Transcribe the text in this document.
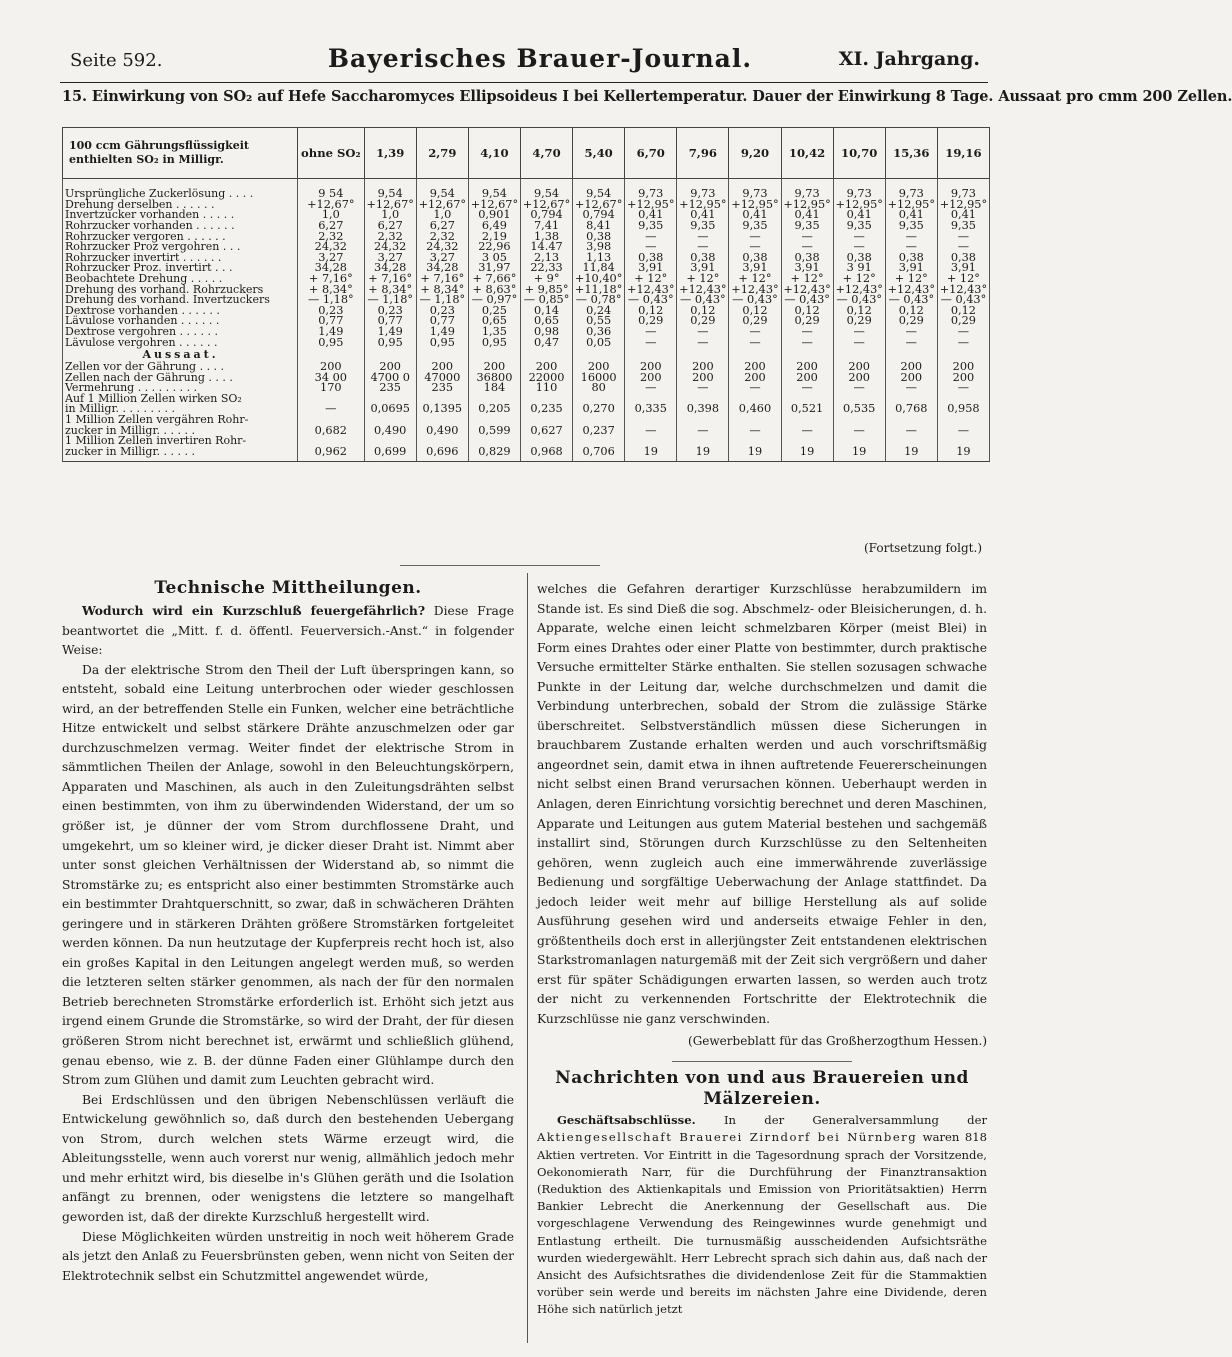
Seite 592.	Bayerisches Brauer-Journal.	XI. Jahrgang.
15. Einwirkung von SO₂ auf Hefe Saccharomyces Ellipsoideus I bei Kellertemperatur. Dauer der Einwirkung 8 Tage. Aussaat pro cmm 200 Zellen.
100 ccm Gährungsflüssigkeit enthielten SO₂ in Milligr.	ohne SO₂	1,39	2,79	4,10	4,70	5,40	6,70	7,96	9,20	10,42	10,70	15,36	19,16
Ursprüngliche Zuckerlösung . . . .	9 54	9,54	9,54	9,54	9,54	9,54	9,73	9,73	9,73	9,73	9,73	9,73	9,73
Drehung derselben . . . . . .	+12,67°	+12,67°	+12,67°	+12,67°	+12,67°	+12,67°	+12,95°	+12,95°	+12,95°	+12,95°	+12,95°	+12,95°	+12,95°
Invertzucker vorhanden . . . . .	1,0	1,0	1,0	0,901	0,794	0,794	0,41	0,41	0,41	0,41	0,41	0,41	0,41
Rohrzucker vorhanden . . . . . .	6,27	6,27	6,27	6,49	7,41	8,41	9,35	9,35	9,35	9,35	9,35	9,35	9,35
Rohrzucker vergoren . . . . . .	2,32	2,32	2,32	2,19	1,38	0,38	—	—	—	—	—	—	—
Rohrzucker Proz vergohren . . .	24,32	24,32	24,32	22,96	14.47	3,98	—	—	—	—	—	—	—
Rohrzucker invertirt . . . . . .	3,27	3,27	3,27	3 05	2,13	1,13	0,38	0,38	0,38	0,38	0,38	0,38	0,38
Rohrzucker Proz. invertirt . . .	34,28	34,28	34,28	31,97	22,33	11,84	3,91	3,91	3,91	3,91	3 91	3,91	3,91
Beobachtete Drehung . . . . .	+ 7,16°	+ 7,16°	+ 7,16°	+ 7,66°	+ 9°	+10,40°	+ 12°	+ 12°	+ 12°	+ 12°	+ 12°	+ 12°	+ 12°
Drehung des vorhand. Rohrzuckers	+ 8,34°	+ 8,34°	+ 8,34°	+ 8,63°	+ 9,85°	+11,18°	+12,43°	+12,43°	+12,43°	+12,43°	+12,43°	+12,43°	+12,43°
Drehung des vorhand. Invertzuckers	— 1,18°	— 1,18°	— 1,18°	— 0,97°	— 0,85°	— 0,78°	— 0,43°	— 0,43°	— 0,43°	— 0,43°	— 0,43°	— 0,43°	— 0,43°
Dextrose vorhanden . . . . . .	0,23	0,23	0,23	0,25	0,14	0,24	0,12	0,12	0,12	0,12	0,12	0,12	0,12
Lävulose vorhanden . . . . . .	0,77	0,77	0,77	0,65	0,65	0,55	0,29	0,29	0,29	0,29	0,29	0,29	0,29
Dextrose vergohren . . . . . .	1,49	1,49	1,49	1,35	0,98	0,36	—	—	—	—	—	—	—
Lävulose vergohren . . . . . .	0,95	0,95	0,95	0,95	0,47	0,05	—	—	—	—	—	—	—
Aussaat.													
Zellen vor der Gährung . . . .	200	200	200	200	200	200	200	200	200	200	200	200	200
Zellen nach der Gährung . . . .	34 00	4700 0	47000	36800	22000	16000	200	200	200	200	200	200	200
Vermehrung . . . . . . . . .	170	235	235	184	110	80	—	—	—	—	—	—	—
Auf 1 Million Zellen wirken SO₂													
in Milligr. . . . . . . . .	—	0,0695	0,1395	0,205	0,235	0,270	0,335	0,398	0,460	0,521	0,535	0,768	0,958
1 Million Zellen vergähren Rohr-													
zucker in Milligr. . . . . .	0,682	0,490	0,490	0,599	0,627	0,237	—	—	—	—	—	—	—
1 Million Zellen invertiren Rohr-													
zucker in Milligr. . . . . .	0,962	0,699	0,696	0,829	0,968	0,706	19	19	19	19	19	19	19
(Fortsetzung folgt.)
Technische Mittheilungen.

Wodurch wird ein Kurzschluß feuergefährlich? Diese Frage beantwortet die „Mitt. f. d. öffentl. Feuerversich.-Anst.“ in folgender Weise:

Da der elektrische Strom den Theil der Luft überspringen kann, so entsteht, sobald eine Leitung unterbrochen oder wieder geschlossen wird, an der betreffenden Stelle ein Funken, welcher eine beträchtliche Hitze entwickelt und selbst stärkere Drähte anzuschmelzen oder gar durchzuschmelzen vermag. Weiter findet der elektrische Strom in sämmtlichen Theilen der Anlage, sowohl in den Beleuchtungskörpern, Apparaten und Maschinen, als auch in den Zuleitungsdrähten selbst einen bestimmten, von ihm zu überwindenden Widerstand, der um so größer ist, je dünner der vom Strom durchflossene Draht, und umgekehrt, um so kleiner wird, je dicker dieser Draht ist. Nimmt aber unter sonst gleichen Verhältnissen der Widerstand ab, so nimmt die Stromstärke zu; es entspricht also einer bestimmten Stromstärke auch ein bestimmter Drahtquerschnitt, so zwar, daß in schwächeren Drähten geringere und in stärkeren Drähten größere Stromstärken fortgeleitet werden können. Da nun heutzutage der Kupferpreis recht hoch ist, also ein großes Kapital in den Leitungen angelegt werden muß, so werden die letzteren selten stärker genommen, als nach der für den normalen Betrieb berechneten Stromstärke erforderlich ist. Erhöht sich jetzt aus irgend einem Grunde die Stromstärke, so wird der Draht, der für diesen größeren Strom nicht berechnet ist, erwärmt und schließlich glühend, genau ebenso, wie z. B. der dünne Faden einer Glühlampe durch den Strom zum Glühen und damit zum Leuchten gebracht wird.

Bei Erdschlüssen und den übrigen Nebenschlüssen verläuft die Entwickelung gewöhnlich so, daß durch den bestehenden Uebergang von Strom, durch welchen stets Wärme erzeugt wird, die Ableitungsstelle, wenn auch vorerst nur wenig, allmählich jedoch mehr und mehr erhitzt wird, bis dieselbe in's Glühen geräth und die Isolation anfängt zu brennen, oder wenigstens die letztere so mangelhaft geworden ist, daß der direkte Kurzschluß hergestellt wird.

Diese Möglichkeiten würden unstreitig in noch weit höherem Grade als jetzt den Anlaß zu Feuersbrünsten geben, wenn nicht von Seiten der Elektrotechnik selbst ein Schutzmittel angewendet würde,

welches die Gefahren derartiger Kurzschlüsse herabzumildern im Stande ist. Es sind Dieß die sog. Abschmelz- oder Bleisicherungen, d. h. Apparate, welche einen leicht schmelzbaren Körper (meist Blei) in Form eines Drahtes oder einer Platte von bestimmter, durch praktische Versuche ermittelter Stärke enthalten. Sie stellen sozusagen schwache Punkte in der Leitung dar, welche durchschmelzen und damit die Verbindung unterbrechen, sobald der Strom die zulässige Stärke überschreitet. Selbstverständlich müssen diese Sicherungen in brauchbarem Zustande erhalten werden und auch vorschriftsmäßig angeordnet sein, damit etwa in ihnen auftretende Feuererscheinungen nicht selbst einen Brand verursachen können. Ueberhaupt werden in Anlagen, deren Einrichtung vorsichtig berechnet und deren Maschinen, Apparate und Leitungen aus gutem Material bestehen und sachgemäß installirt sind, Störungen durch Kurzschlüsse zu den Seltenheiten gehören, wenn zugleich auch eine immerwährende zuverlässige Bedienung und sorgfältige Ueberwachung der Anlage stattfindet. Da jedoch leider weit mehr auf billige Herstellung als auf solide Ausführung gesehen wird und anderseits etwaige Fehler in den, größtentheils doch erst in allerjüngster Zeit entstandenen elektrischen Starkstromanlagen naturgemäß mit der Zeit sich vergrößern und daher erst für später Schädigungen erwarten lassen, so werden auch trotz der nicht zu verkennenden Fortschritte der Elektrotechnik die Kurzschlüsse nie ganz verschwinden.

(Gewerbeblatt für das Großherzogthum Hessen.)
Nachrichten von und aus Brauereien und Mälzereien.

Geschäftsabschlüsse. In der Generalversammlung der Aktiengesellschaft Brauerei Zirndorf bei Nürnberg waren 818 Aktien vertreten. Vor Eintritt in die Tagesordnung sprach der Vorsitzende, Oekonomierath Narr, für die Durchführung der Finanztransaktion (Reduktion des Aktienkapitals und Emission von Prioritätsaktien) Herrn Bankier Lebrecht die Anerkennung der Gesellschaft aus. Die vorgeschlagene Verwendung des Reingewinnes wurde genehmigt und Entlastung ertheilt. Die turnusmäßig ausscheidenden Aufsichtsräthe wurden wiedergewählt. Herr Lebrecht sprach sich dahin aus, daß nach der Ansicht des Aufsichtsrathes die dividendenlose Zeit für die Stammaktien vorüber sein werde und bereits im nächsten Jahre eine Dividende, deren Höhe sich natürlich jetzt
